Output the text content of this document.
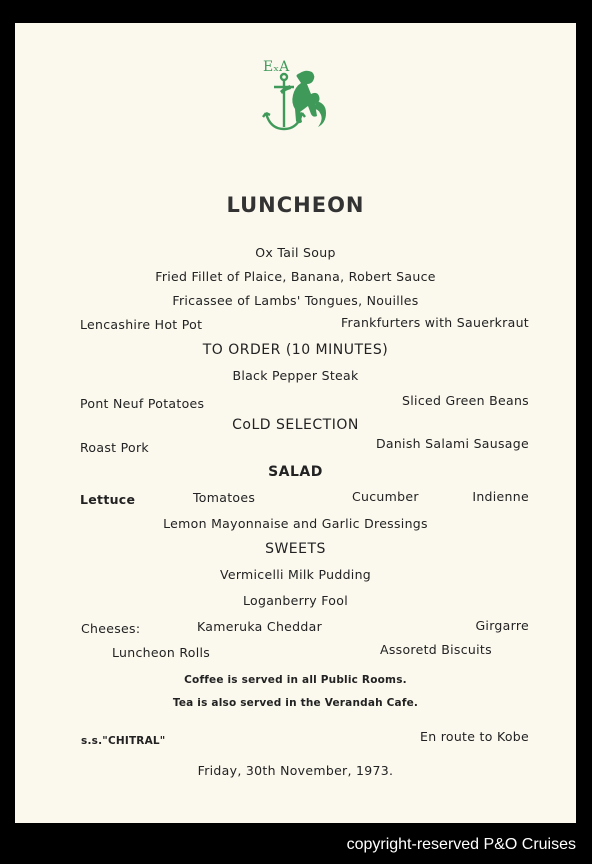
EₓA
LUNCHEON
Ox Tail Soup
Fried Fillet of Plaice, Banana, Robert Sauce
Fricassee of Lambs' Tongues, Nouilles
Lencashire Hot Pot	Frankfurters with Sauerkraut
TO ORDER (10 MINUTES)
Black Pepper Steak
Pont Neuf Potatoes	Sliced Green Beans
CoLD SELECTION
Roast Pork	Danish Salami Sausage
SALAD
Lettuce	Tomatoes	Cucumber	Indienne
Lemon Mayonnaise and Garlic Dressings
SWEETS
Vermicelli Milk Pudding
Loganberry Fool
Cheeses:	Kameruka Cheddar	Girgarre
Luncheon Rolls	Assoretd Biscuits
Coffee is served in all Public Rooms.
Tea is also served in the Verandah Cafe.
s.s."CHITRAL"	En route to Kobe
Friday, 30th November, 1973.
copyright-reserved P&O Cruises
